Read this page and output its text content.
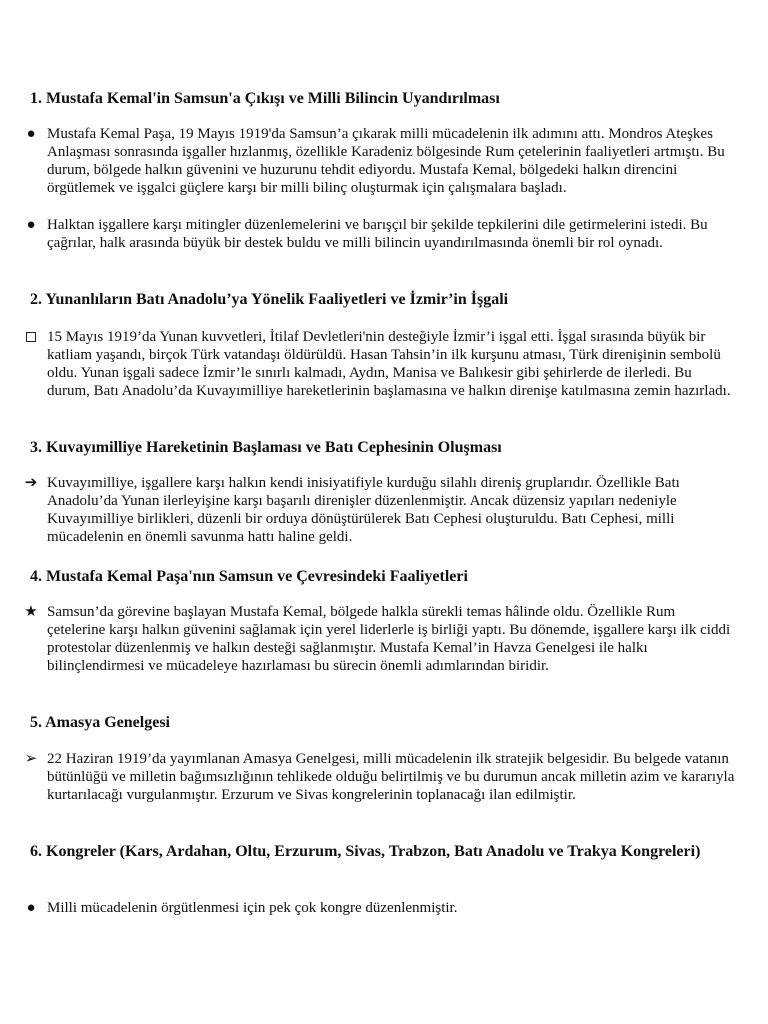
1. Mustafa Kemal'in Samsun'a Çıkışı ve Milli Bilincin Uyandırılması
● Mustafa Kemal Paşa, 19 Mayıs 1919'da Samsun’a çıkarak milli mücadelenin ilk adımını attı. Mondros Ateşkes Anlaşması sonrasında işgaller hızlanmış, özellikle Karadeniz bölgesinde Rum çetelerinin faaliyetleri artmıştı. Bu durum, bölgede halkın güvenini ve huzurunu tehdit ediyordu. Mustafa Kemal, bölgedeki halkın direncini örgütlemek ve işgalci güçlere karşı bir milli bilinç oluşturmak için çalışmalara başladı.
● Halktan işgallere karşı mitingler düzenlemelerini ve barışçıl bir şekilde tepkilerini dile getirmelerini istedi. Bu çağrılar, halk arasında büyük bir destek buldu ve milli bilincin uyandırılmasında önemli bir rol oynadı.
2. Yunanlıların Batı Anadolu’ya Yönelik Faaliyetleri ve İzmir’in İşgali
15 Mayıs 1919’da Yunan kuvvetleri, İtilaf Devletleri'nin desteğiyle İzmir’i işgal etti. İşgal sırasında büyük bir katliam yaşandı, birçok Türk vatandaşı öldürüldü. Hasan Tahsin’in ilk kurşunu atması, Türk direnişinin sembolü oldu. Yunan işgali sadece İzmir’le sınırlı kalmadı, Aydın, Manisa ve Balıkesir gibi şehirlerde de ilerledi. Bu durum, Batı Anadolu’da Kuvayımilliye hareketlerinin başlamasına ve halkın direnişe katılmasına zemin hazırladı.
3. Kuvayımilliye Hareketinin Başlaması ve Batı Cephesinin Oluşması
➔ Kuvayımilliye, işgallere karşı halkın kendi inisiyatifiyle kurduğu silahlı direniş gruplarıdır. Özellikle Batı Anadolu’da Yunan ilerleyişine karşı başarılı direnişler düzenlenmiştir. Ancak düzensiz yapıları nedeniyle Kuvayımilliye birlikleri, düzenli bir orduya dönüştürülerek Batı Cephesi oluşturuldu. Batı Cephesi, milli mücadelenin en önemli savunma hattı haline geldi.
4. Mustafa Kemal Paşa'nın Samsun ve Çevresindeki Faaliyetleri
★ Samsun’da görevine başlayan Mustafa Kemal, bölgede halkla sürekli temas hâlinde oldu. Özellikle Rum çetelerine karşı halkın güvenini sağlamak için yerel liderlerle iş birliği yaptı. Bu dönemde, işgallere karşı ilk ciddi protestolar düzenlenmiş ve halkın desteği sağlanmıştır. Mustafa Kemal’in Havza Genelgesi ile halkı bilinçlendirmesi ve mücadeleye hazırlaması bu sürecin önemli adımlarından biridir.
5. Amasya Genelgesi
➢ 22 Haziran 1919’da yayımlanan Amasya Genelgesi, milli mücadelenin ilk stratejik belgesidir. Bu belgede vatanın bütünlüğü ve milletin bağımsızlığının tehlikede olduğu belirtilmiş ve bu durumun ancak milletin azim ve kararıyla kurtarılacağı vurgulanmıştır. Erzurum ve Sivas kongrelerinin toplanacağı ilan edilmiştir.
6. Kongreler (Kars, Ardahan, Oltu, Erzurum, Sivas, Trabzon, Batı Anadolu ve Trakya Kongreleri)
● Milli mücadelenin örgütlenmesi için pek çok kongre düzenlenmiştir.
